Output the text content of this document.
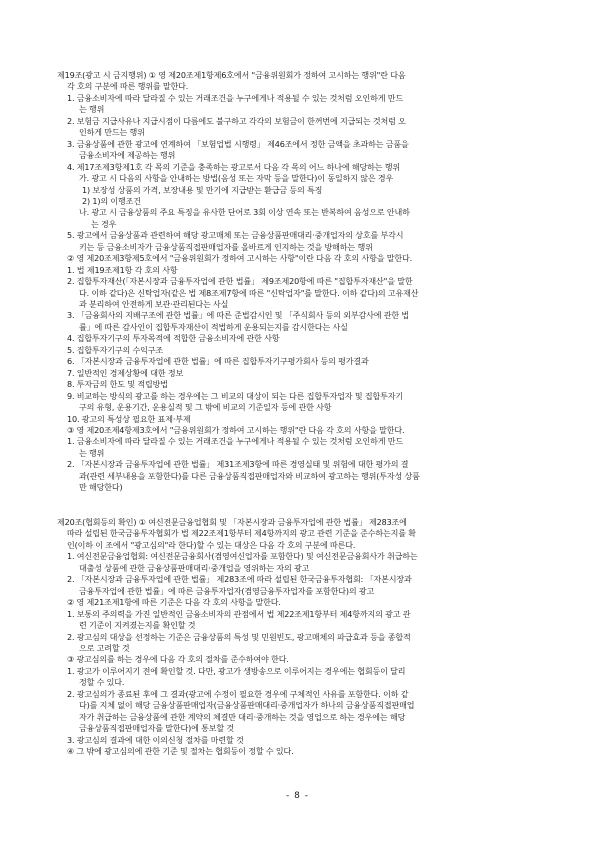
제19조(광고 시 금지행위) ① 영 제20조제1항제6호에서 "금융위원회가 정하여 고시하는 행위"란 다음
각 호의 구분에 따른 행위를 말한다.
1. 금융소비자에 따라 달라질 수 있는 거래조건을 누구에게나 적용될 수 있는 것처럼 오인하게 만드
는 행위
2. 보험금 지급사유나 지급시점이 다름에도 불구하고 각각의 보험금이 한꺼번에 지급되는 것처럼 오
인하게 만드는 행위
3. 금융상품에 관한 광고에 연계하여 「보험업법 시행령」 제46조에서 정한 금액을 초과하는 금품을
금융소비자에 제공하는 행위
4. 제17조제3항제1호 각 목의 기준을 충족하는 광고로서 다음 각 목의 어느 하나에 해당하는 행위
가. 광고 시 다음의 사항을 안내하는 방법(음성 또는 자막 등을 말한다)이 동일하지 않은 경우
1) 보장성 상품의 가격, 보장내용 및 만기에 지급받는 환급금 등의 특징
2) 1)의 이행조건
나. 광고 시 금융상품의 주요 특징을 유사한 단어로 3회 이상 연속 또는 반복하여 음성으로 안내하
는 경우
5. 광고에서 금융상품과 관련하여 해당 광고매체 또는 금융상품판매대리·중개업자의 상호를 부각시
키는 등 금융소비자가 금융상품직접판매업자를 올바르게 인지하는 것을 방해하는 행위
② 영 제20조제3항제5호에서 "금융위원회가 정하여 고시하는 사항"이란 다음 각 호의 사항을 말한다.
1. 법 제19조제1항 각 호의 사항
2. 집합투자재산(「자본시장과 금융투자업에 관한 법률」 제9조제20항에 따른 "집합투자재산"을 말한
다. 이하 같다)은 신탁업자(같은 법 제8조제7항에 따른 "신탁업자"를 말한다. 이하 같다)의 고유재산
과 분리하여 안전하게 보관·관리된다는 사실
3. 「금융회사의 지배구조에 관한 법률」에 따른 준법감시인 및 「주식회사 등의 외부감사에 관한 법
률」에 따른 감사인이 집합투자재산이 적법하게 운용되는지를 감시한다는 사실
4. 집합투자기구의 투자목적에 적합한 금융소비자에 관한 사항
5. 집합투자기구의 수익구조
6. 「자본시장과 금융투자업에 관한 법률」에 따른 집합투자기구평가회사 등의 평가결과
7. 일반적인 경제상황에 대한 정보
8. 투자금의 한도 및 적립방법
9. 비교하는 방식의 광고를 하는 경우에는 그 비교의 대상이 되는 다른 집합투자업자 및 집합투자기
구의 유형, 운용기간, 운용실적 및 그 밖에 비교의 기준일자 등에 관한 사항
10. 광고의 특성상 필요한 표제·부제
③ 영 제20조제4항제3호에서 "금융위원회가 정하여 고시하는 행위"란 다음 각 호의 사항을 말한다.
1. 금융소비자에 따라 달라질 수 있는 거래조건을 누구에게나 적용될 수 있는 것처럼 오인하게 만드
는 행위
2. 「자본시장과 금융투자업에 관한 법률」 제31조제3항에 따른 경영실태 및 위험에 대한 평가의 결
과(관련 세부내용을 포함한다)를 다른 금융상품직접판매업자와 비교하여 광고하는 행위(투자성 상품
만 해당한다)
제20조(협회등의 확인) ① 여신전문금융업협회 및 「자본시장과 금융투자업에 관한 법률」 제283조에
따라 설립된 한국금융투자협회가 법 제22조제1항부터 제4항까지의 광고 관련 기준을 준수하는지를 확
인(이하 이 조에서 "광고심의"라 한다)할 수 있는 대상은 다음 각 호의 구분에 따른다.
1. 여신전문금융업협회: 여신전문금융회사(겸영여신업자를 포함한다) 및 여신전문금융회사가 취급하는
대출성 상품에 관한 금융상품판매대리·중개업을 영위하는 자의 광고
2. 「자본시장과 금융투자업에 관한 법률」 제283조에 따라 설립된 한국금융투자협회: 「자본시장과
금융투자업에 관한 법률」에 따른 금융투자업자(겸영금융투자업자를 포함한다)의 광고
② 영 제21조제1항에 따른 기준은 다음 각 호의 사항을 말한다.
1. 보통의 주의력을 가진 일반적인 금융소비자의 관점에서 법 제22조제1항부터 제4항까지의 광고 관
련 기준이 지켜졌는지를 확인할 것
2. 광고심의 대상을 선정하는 기준은 금융상품의 특성 및 민원빈도, 광고매체의 파급효과 등을 종합적
으로 고려할 것
③ 광고심의를 하는 경우에 다음 각 호의 절차를 준수하여야 한다.
1. 광고가 이루어지기 전에 확인할 것. 다만, 광고가 생방송으로 이루어지는 경우에는 협회등이 달리
정할 수 있다.
2. 광고심의가 종료된 후에 그 결과(광고에 수정이 필요한 경우에 구체적인 사유를 포함한다. 이하 같
다)를 지체 없이 해당 금융상품판매업자(금융상품판매대리·중개업자가 하나의 금융상품직접판매업
자가 취급하는 금융상품에 관한 계약의 체결만 대리·중개하는 것을 영업으로 하는 경우에는 해당
금융상품직접판매업자를 말한다)에 통보할 것
3. 광고심의 결과에 대한 이의신청 절차를 마련할 것
④ 그 밖에 광고심의에 관한 기준 및 절차는 협회등이 정할 수 있다.
- 8 -
